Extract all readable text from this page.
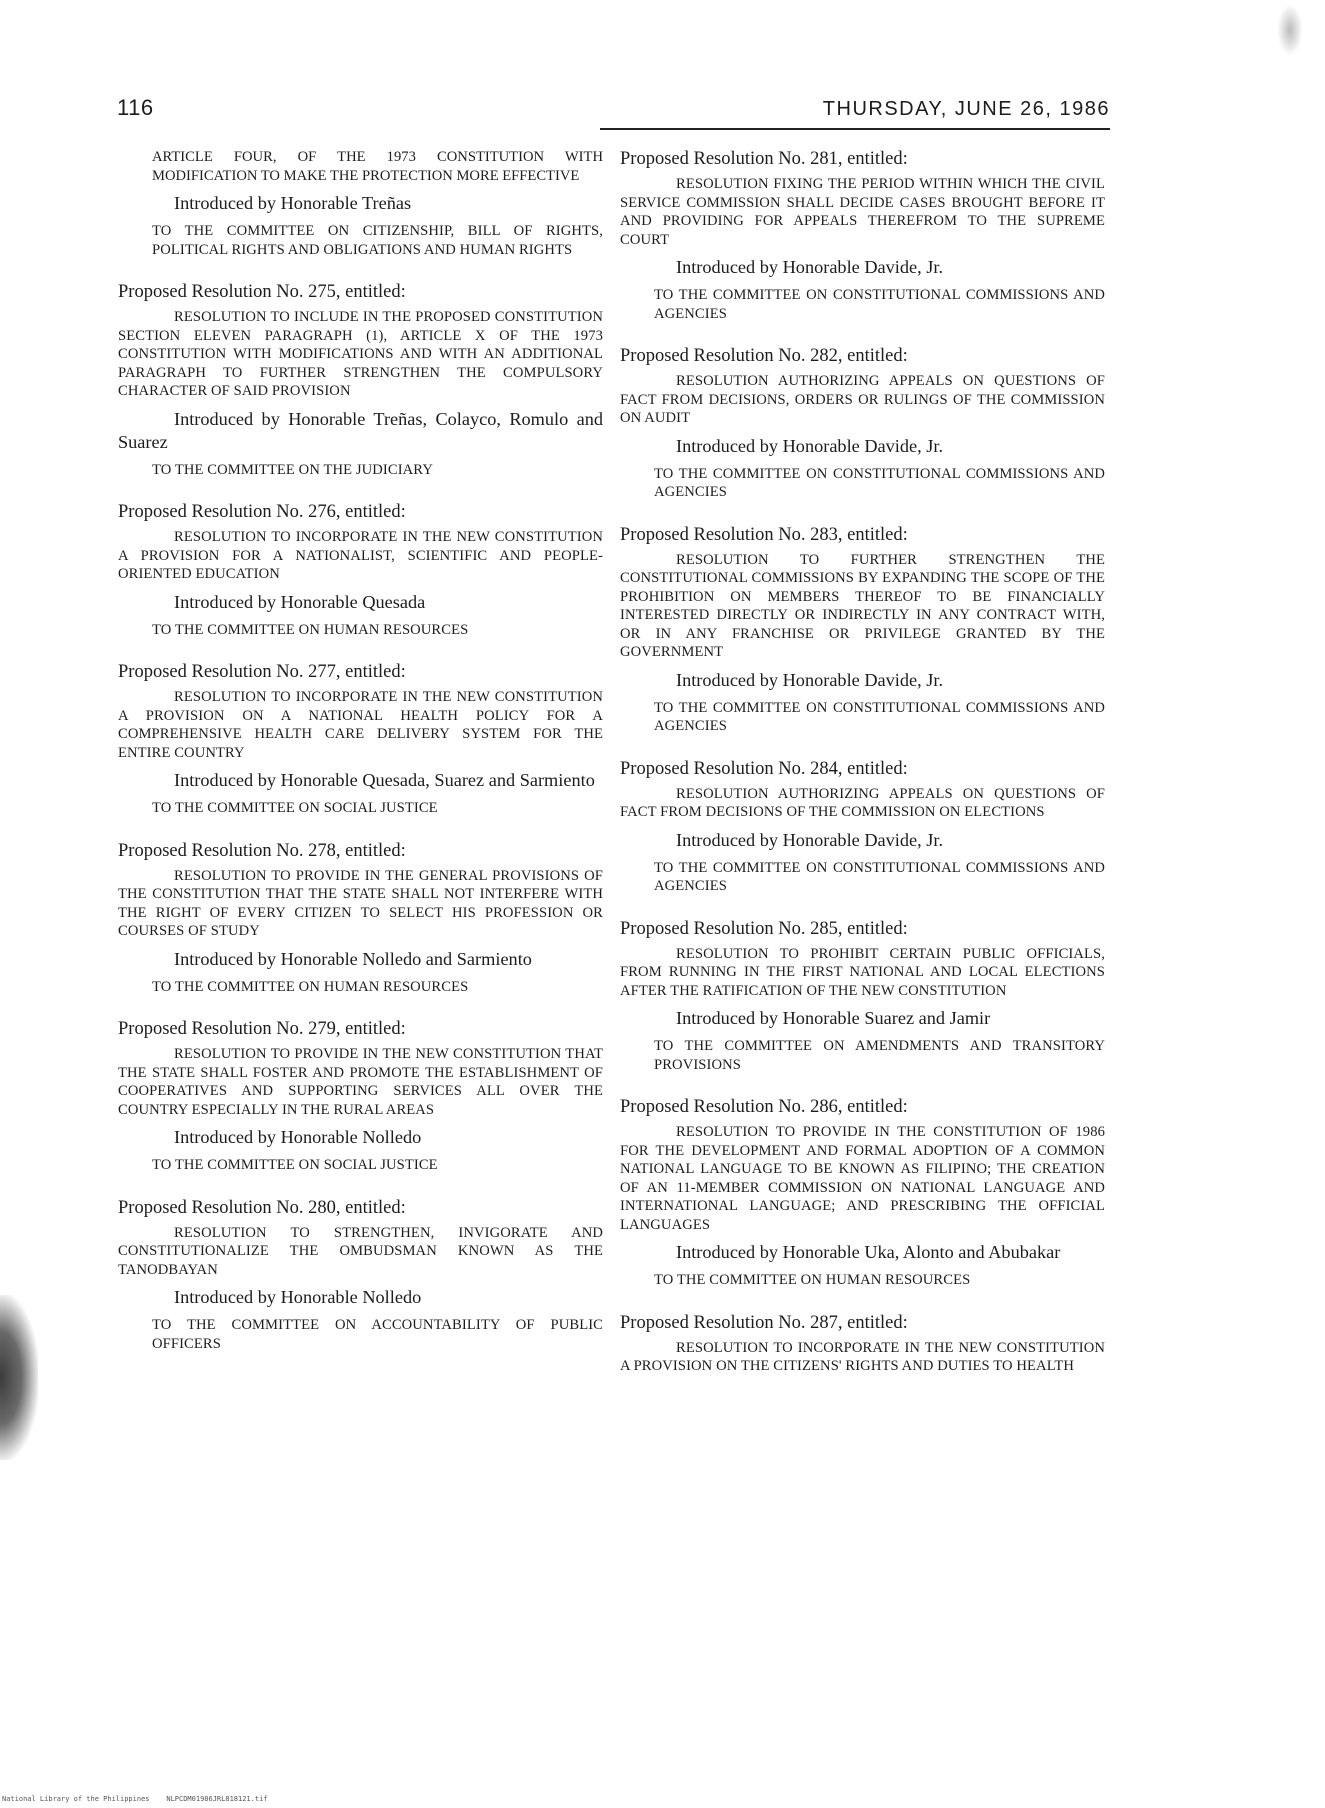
116	THURSDAY, JUNE 26, 1986
ARTICLE FOUR, OF THE 1973 CONSTITUTION WITH MODIFICATION TO MAKE THE PROTECTION MORE EFFECTIVE
Introduced by Honorable Treñas
TO THE COMMITTEE ON CITIZENSHIP, BILL OF RIGHTS, POLITICAL RIGHTS AND OBLIGATIONS AND HUMAN RIGHTS
Proposed Resolution No. 275, entitled:
RESOLUTION TO INCLUDE IN THE PROPOSED CONSTITUTION SECTION ELEVEN PARAGRAPH (1), ARTICLE X OF THE 1973 CONSTITUTION WITH MODIFICATIONS AND WITH AN ADDITIONAL PARAGRAPH TO FURTHER STRENGTHEN THE COMPULSORY CHARACTER OF SAID PROVISION
Introduced by Honorable Treñas, Colayco, Romulo and Suarez
TO THE COMMITTEE ON THE JUDICIARY
Proposed Resolution No. 276, entitled:
RESOLUTION TO INCORPORATE IN THE NEW CONSTITUTION A PROVISION FOR A NATIONALIST, SCIENTIFIC AND PEOPLE-ORIENTED EDUCATION
Introduced by Honorable Quesada
TO THE COMMITTEE ON HUMAN RESOURCES
Proposed Resolution No. 277, entitled:
RESOLUTION TO INCORPORATE IN THE NEW CONSTITUTION A PROVISION ON A NATIONAL HEALTH POLICY FOR A COMPREHENSIVE HEALTH CARE DELIVERY SYSTEM FOR THE ENTIRE COUNTRY
Introduced by Honorable Quesada, Suarez and Sarmiento
TO THE COMMITTEE ON SOCIAL JUSTICE
Proposed Resolution No. 278, entitled:
RESOLUTION TO PROVIDE IN THE GENERAL PROVISIONS OF THE CONSTITUTION THAT THE STATE SHALL NOT INTERFERE WITH THE RIGHT OF EVERY CITIZEN TO SELECT HIS PROFESSION OR COURSES OF STUDY
Introduced by Honorable Nolledo and Sarmiento
TO THE COMMITTEE ON HUMAN RESOURCES
Proposed Resolution No. 279, entitled:
RESOLUTION TO PROVIDE IN THE NEW CONSTITUTION THAT THE STATE SHALL FOSTER AND PROMOTE THE ESTABLISHMENT OF COOPERATIVES AND SUPPORTING SERVICES ALL OVER THE COUNTRY ESPECIALLY IN THE RURAL AREAS
Introduced by Honorable Nolledo
TO THE COMMITTEE ON SOCIAL JUSTICE
Proposed Resolution No. 280, entitled:
RESOLUTION TO STRENGTHEN, INVIGORATE AND CONSTITUTIONALIZE THE OMBUDSMAN KNOWN AS THE TANODBAYAN
Introduced by Honorable Nolledo
TO THE COMMITTEE ON ACCOUNTABILITY OF PUBLIC OFFICERS
Proposed Resolution No. 281, entitled:
RESOLUTION FIXING THE PERIOD WITHIN WHICH THE CIVIL SERVICE COMMISSION SHALL DECIDE CASES BROUGHT BEFORE IT AND PROVIDING FOR APPEALS THEREFROM TO THE SUPREME COURT
Introduced by Honorable Davide, Jr.
TO THE COMMITTEE ON CONSTITUTIONAL COMMISSIONS AND AGENCIES
Proposed Resolution No. 282, entitled:
RESOLUTION AUTHORIZING APPEALS ON QUESTIONS OF FACT FROM DECISIONS, ORDERS OR RULINGS OF THE COMMISSION ON AUDIT
Introduced by Honorable Davide, Jr.
TO THE COMMITTEE ON CONSTITUTIONAL COMMISSIONS AND AGENCIES
Proposed Resolution No. 283, entitled:
RESOLUTION TO FURTHER STRENGTHEN THE CONSTITUTIONAL COMMISSIONS BY EXPANDING THE SCOPE OF THE PROHIBITION ON MEMBERS THEREOF TO BE FINANCIALLY INTERESTED DIRECTLY OR INDIRECTLY IN ANY CONTRACT WITH, OR IN ANY FRANCHISE OR PRIVILEGE GRANTED BY THE GOVERNMENT
Introduced by Honorable Davide, Jr.
TO THE COMMITTEE ON CONSTITUTIONAL COMMISSIONS AND AGENCIES
Proposed Resolution No. 284, entitled:
RESOLUTION AUTHORIZING APPEALS ON QUESTIONS OF FACT FROM DECISIONS OF THE COMMISSION ON ELECTIONS
Introduced by Honorable Davide, Jr.
TO THE COMMITTEE ON CONSTITUTIONAL COMMISSIONS AND AGENCIES
Proposed Resolution No. 285, entitled:
RESOLUTION TO PROHIBIT CERTAIN PUBLIC OFFICIALS, FROM RUNNING IN THE FIRST NATIONAL AND LOCAL ELECTIONS AFTER THE RATIFICATION OF THE NEW CONSTITUTION
Introduced by Honorable Suarez and Jamir
TO THE COMMITTEE ON AMENDMENTS AND TRANSITORY PROVISIONS
Proposed Resolution No. 286, entitled:
RESOLUTION TO PROVIDE IN THE CONSTITUTION OF 1986 FOR THE DEVELOPMENT AND FORMAL ADOPTION OF A COMMON NATIONAL LANGUAGE TO BE KNOWN AS FILIPINO; THE CREATION OF AN 11-MEMBER COMMISSION ON NATIONAL LANGUAGE AND INTERNATIONAL LANGUAGE; AND PRESCRIBING THE OFFICIAL LANGUAGES
Introduced by Honorable Uka, Alonto and Abubakar
TO THE COMMITTEE ON HUMAN RESOURCES
Proposed Resolution No. 287, entitled:
RESOLUTION TO INCORPORATE IN THE NEW CONSTITUTION A PROVISION ON THE CITIZENS' RIGHTS AND DUTIES TO HEALTH
National Library of the Philippines    NLPCDM01986JRL818121.tif
